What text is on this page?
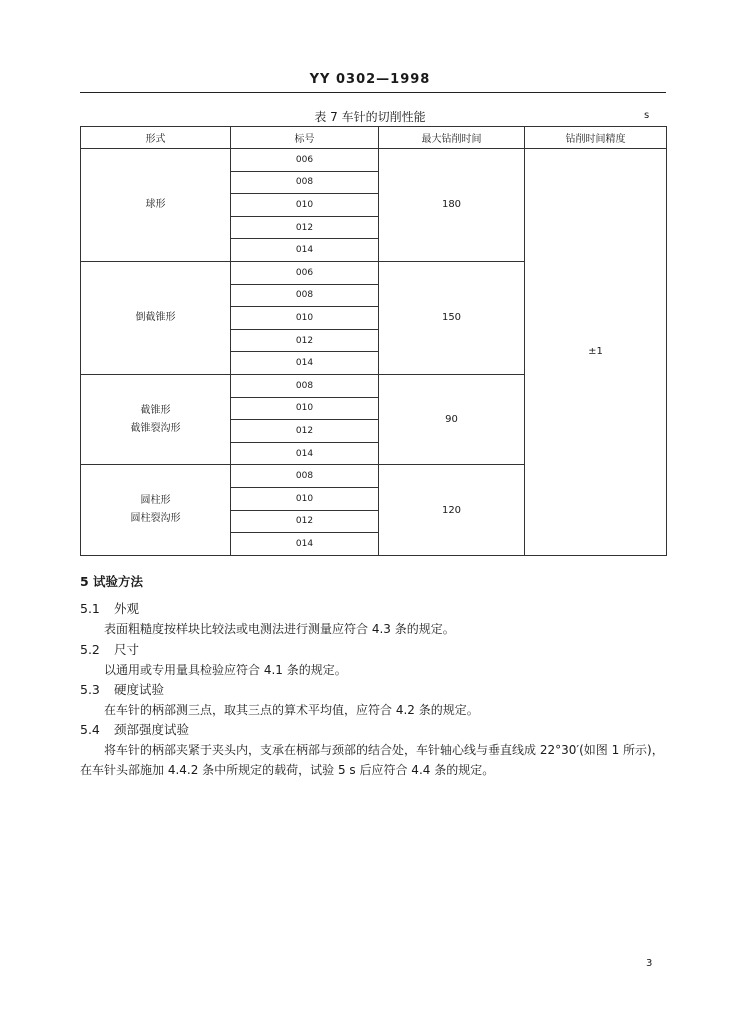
YY 0302—1998
表 7 车针的切削性能	s
形式	标号	最大钻削时间	钻削时间精度
球形	006	180	±1
	008		
	010		
	012		
	014		
倒截锥形	006	150	
	008		
	010		
	012		
	014		

截锥形
截锥裂沟形	008	90	
	010		
	012		
	014		

圆柱形
圆柱裂沟形	008	120	
	010		
	012		
	014		
5 试验方法
5.1 外观
表面粗糙度按样块比较法或电测法进行测量应符合 4.3 条的规定。
5.2 尺寸
以通用或专用量具检验应符合 4.1 条的规定。
5.3 硬度试验
在车针的柄部测三点，取其三点的算术平均值，应符合 4.2 条的规定。
5.4 颈部强度试验
将车针的柄部夹紧于夹头内，支承在柄部与颈部的结合处，车针轴心线与垂直线成 22°30′(如图 1 所示)，在车针头部施加 4.4.2 条中所规定的载荷，试验 5 s 后应符合 4.4 条的规定。
3
